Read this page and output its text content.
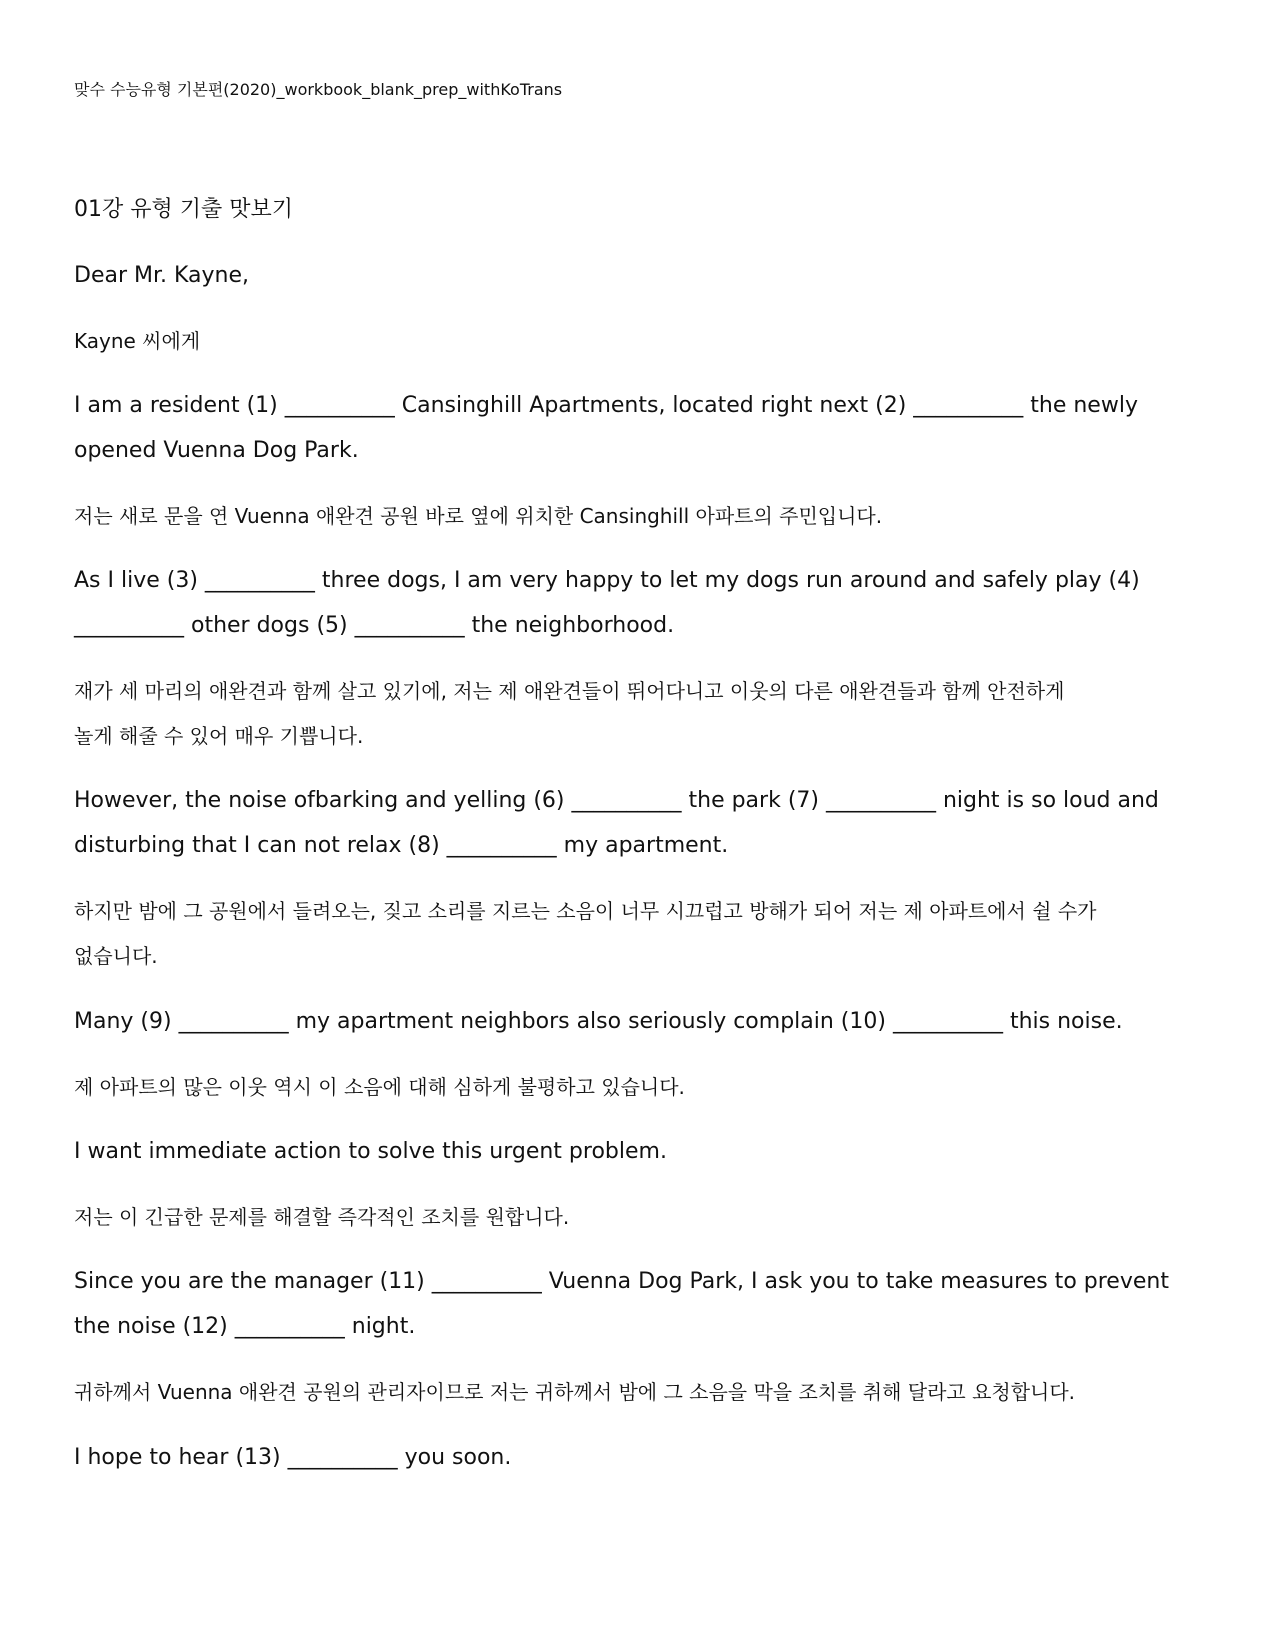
맞수 수능유형 기본편(2020)_workbook_blank_prep_withKoTrans
01강 유형 기출 맛보기
Dear Mr. Kayne,
Kayne 씨에게
I am a resident (1) __________ Cansinghill Apartments, located right next (2) __________ the newly
opened Vuenna Dog Park.
저는 새로 문을 연 Vuenna 애완견 공원 바로 옆에 위치한 Cansinghill 아파트의 주민입니다.
As I live (3) __________ three dogs, I am very happy to let my dogs run around and safely play (4)
__________ other dogs (5) __________ the neighborhood.
재가 세 마리의 애완견과 함께 살고 있기에, 저는 제 애완견들이 뛰어다니고 이웃의 다른 애완견들과 함께 안전하게
놀게 해줄 수 있어 매우 기쁩니다.
However, the noise ofbarking and yelling (6) __________ the park (7) __________ night is so loud and
disturbing that I can not relax (8) __________ my apartment.
하지만 밤에 그 공원에서 들려오는, 짖고 소리를 지르는 소음이 너무 시끄럽고 방해가 되어 저는 제 아파트에서 쉴 수가
없습니다.
Many (9) __________ my apartment neighbors also seriously complain (10) __________ this noise.
제 아파트의 많은 이웃 역시 이 소음에 대해 심하게 불평하고 있습니다.
I want immediate action to solve this urgent problem.
저는 이 긴급한 문제를 해결할 즉각적인 조치를 원합니다.
Since you are the manager (11) __________ Vuenna Dog Park, I ask you to take measures to prevent
the noise (12) __________ night.
귀하께서 Vuenna 애완견 공원의 관리자이므로 저는 귀하께서 밤에 그 소음을 막을 조치를 취해 달라고 요청합니다.
I hope to hear (13) __________ you soon.
